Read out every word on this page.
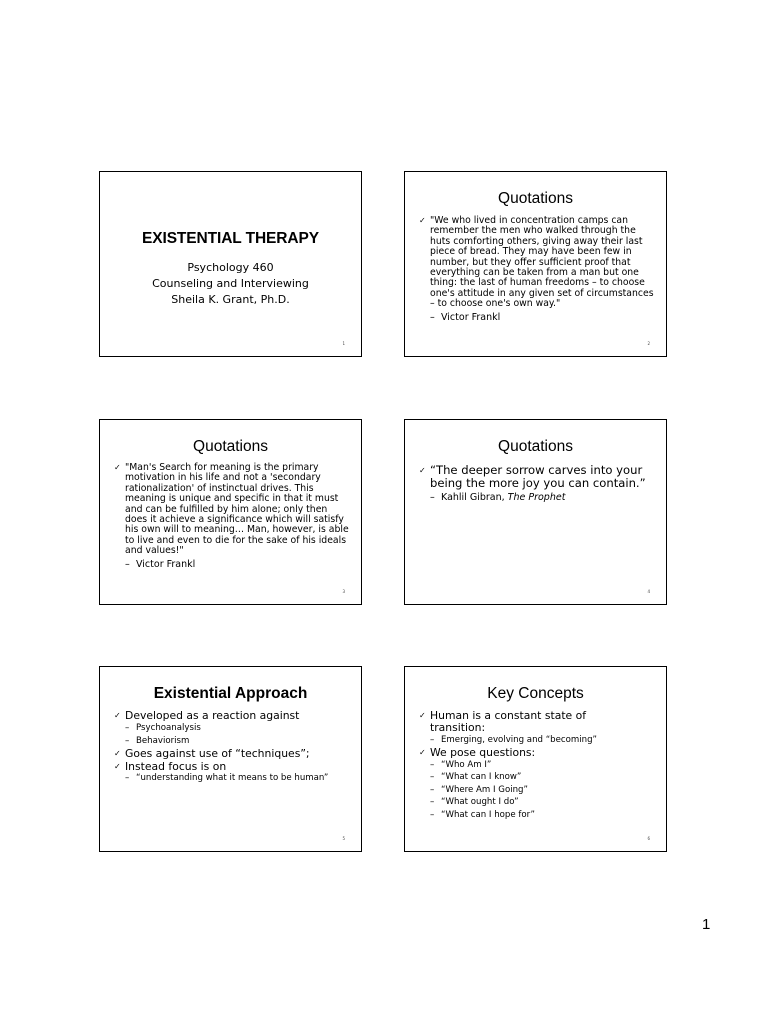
EXISTENTIAL THERAPY
Psychology 460
Counseling and Interviewing
Sheila K. Grant, Ph.D.
1
Quotations
✓ "We who lived in concentration camps can remember the men who walked through the huts comforting others, giving away their last piece of bread. They may have been few in number, but they offer sufficient proof that everything can be taken from a man but one thing: the last of human freedoms – to choose one's attitude in any given set of circumstances – to choose one's own way."
– Victor Frankl
2
Quotations
✓ "Man's Search for meaning is the primary motivation in his life and not a 'secondary rationalization' of instinctual drives. This meaning is unique and specific in that it must and can be fulfilled by him alone; only then does it achieve a significance which will satisfy his own will to meaning… Man, however, is able to live and even to die for the sake of his ideals and values!"
– Victor Frankl
3
Quotations
✓ “The deeper sorrow carves into your being the more joy you can contain.”
– Kahlil Gibran, The Prophet
4
Existential Approach
✓ Developed as a reaction against
– Psychoanalysis
– Behaviorism
✓ Goes against use of “techniques”;
✓ Instead focus is on
– “understanding what it means to be human”
5
Key Concepts
✓ Human is a constant state of transition:
– Emerging, evolving and “becoming”
✓ We pose questions:
– “Who Am I”
– “What can I know”
– “Where Am I Going”
– “What ought I do”
– “What can I hope for”
6
1
